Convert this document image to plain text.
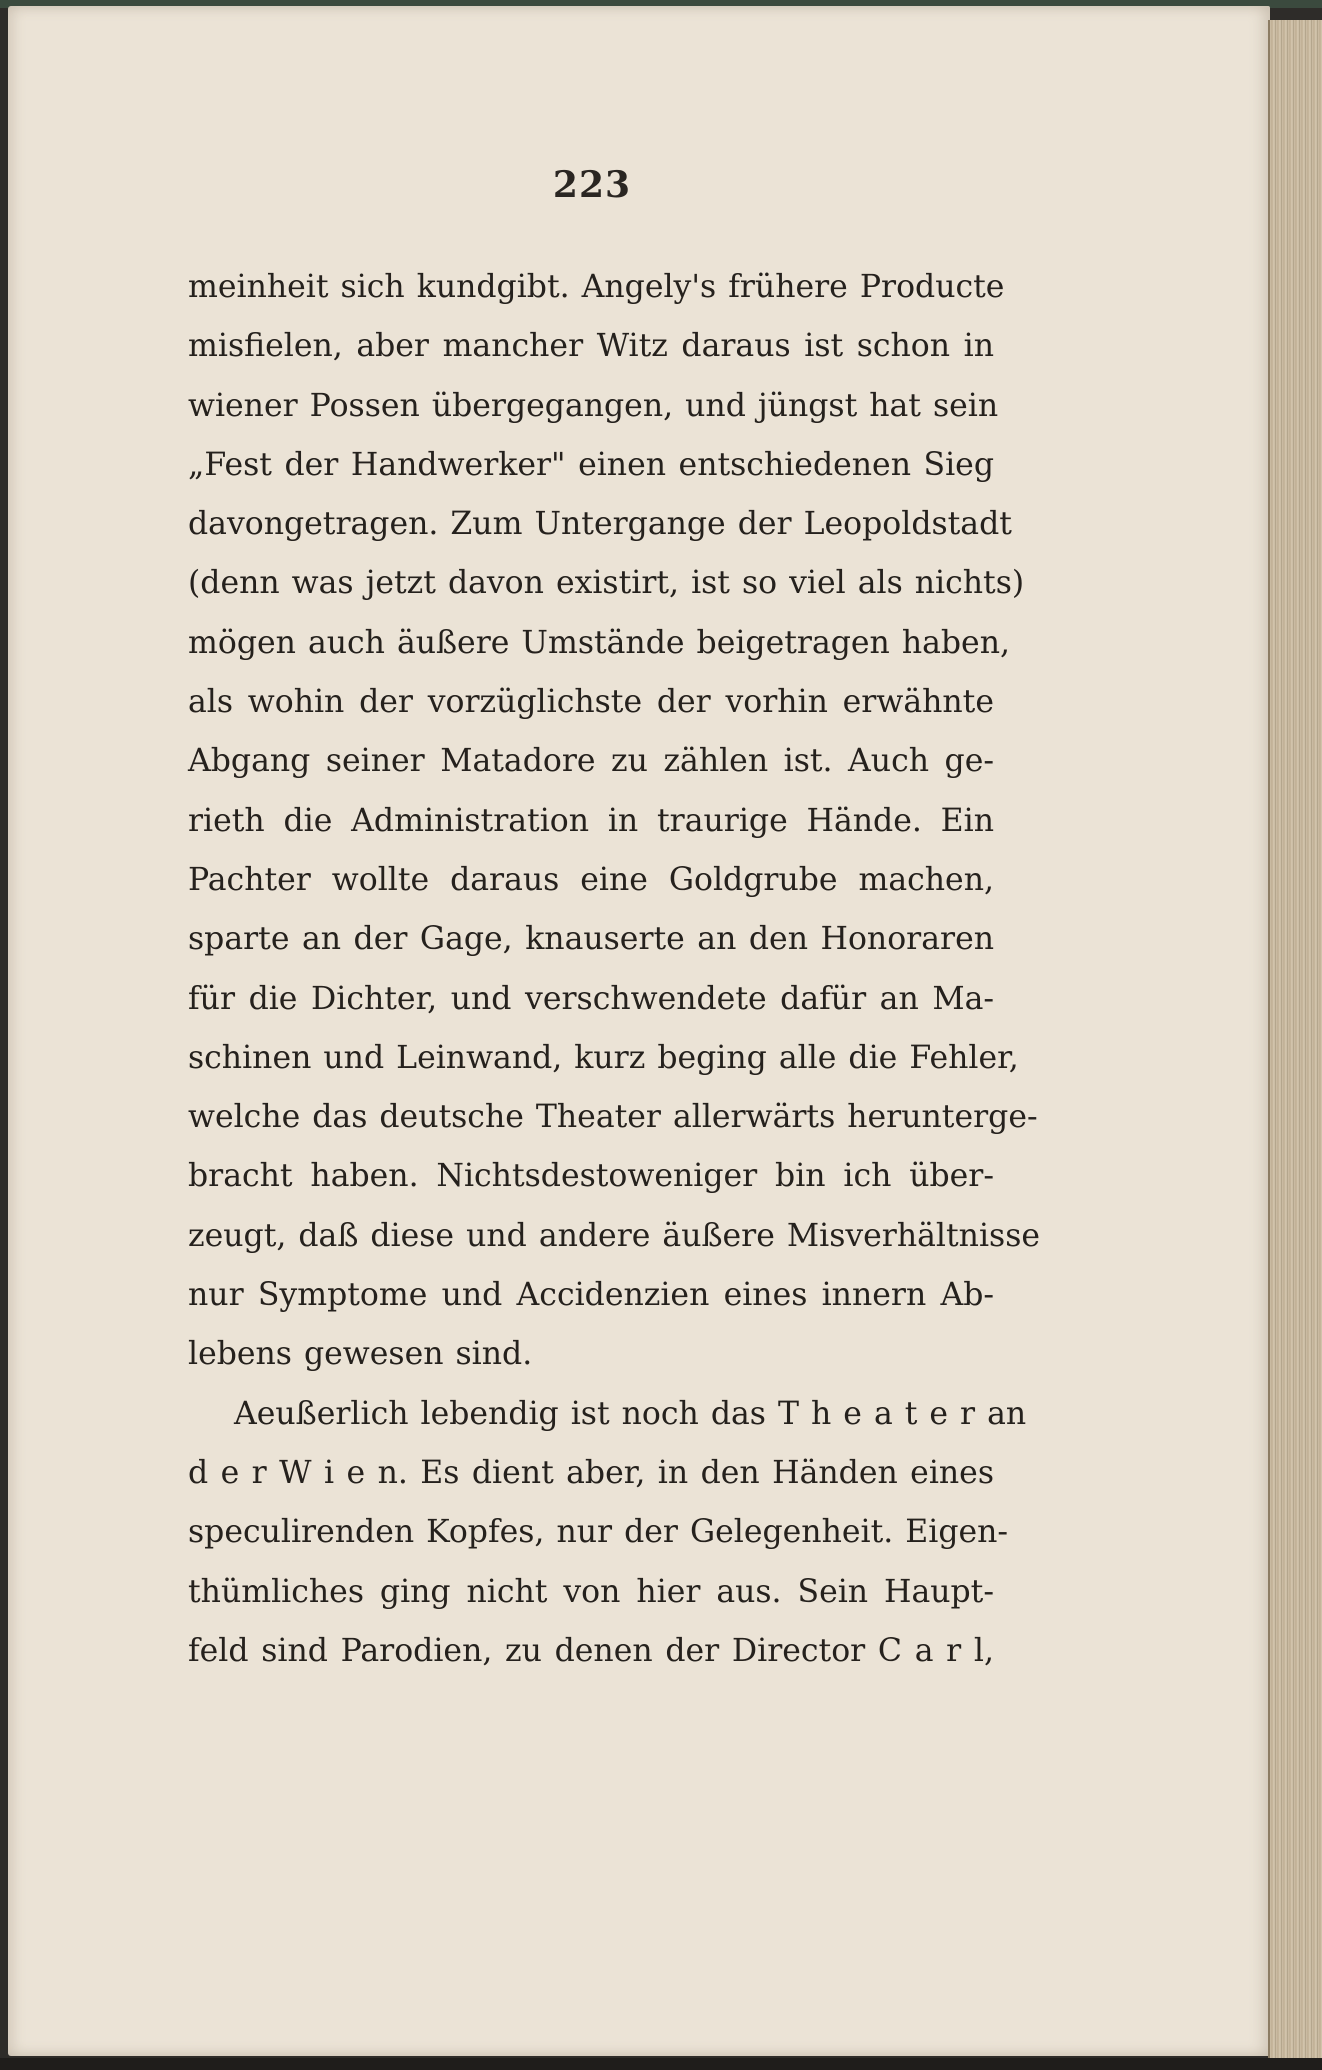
223
meinheit sich kundgibt. Angely's frühere Producte
misfielen, aber mancher Witz daraus ist schon in
wiener Possen übergegangen, und jüngst hat sein
„Fest der Handwerker" einen entschiedenen Sieg
davongetragen. Zum Untergange der Leopoldstadt
(denn was jetzt davon existirt, ist so viel als nichts)
mögen auch äußere Umstände beigetragen haben,
als wohin der vorzüglichste der vorhin erwähnte
Abgang seiner Matadore zu zählen ist. Auch ge-
rieth die Administration in traurige Hände. Ein
Pachter wollte daraus eine Goldgrube machen,
sparte an der Gage, knauserte an den Honoraren
für die Dichter, und verschwendete dafür an Ma-
schinen und Leinwand, kurz beging alle die Fehler,
welche das deutsche Theater allerwärts herunterge-
bracht haben. Nichtsdestoweniger bin ich über-
zeugt, daß diese und andere äußere Misverhältnisse
nur Symptome und Accidenzien eines innern Ab-
lebens gewesen sind.
Aeußerlich lebendig ist noch das T h e a t e r an
d e r W i e n. Es dient aber, in den Händen eines
speculirenden Kopfes, nur der Gelegenheit. Eigen-
thümliches ging nicht von hier aus. Sein Haupt-
feld sind Parodien, zu denen der Director C a r l,
